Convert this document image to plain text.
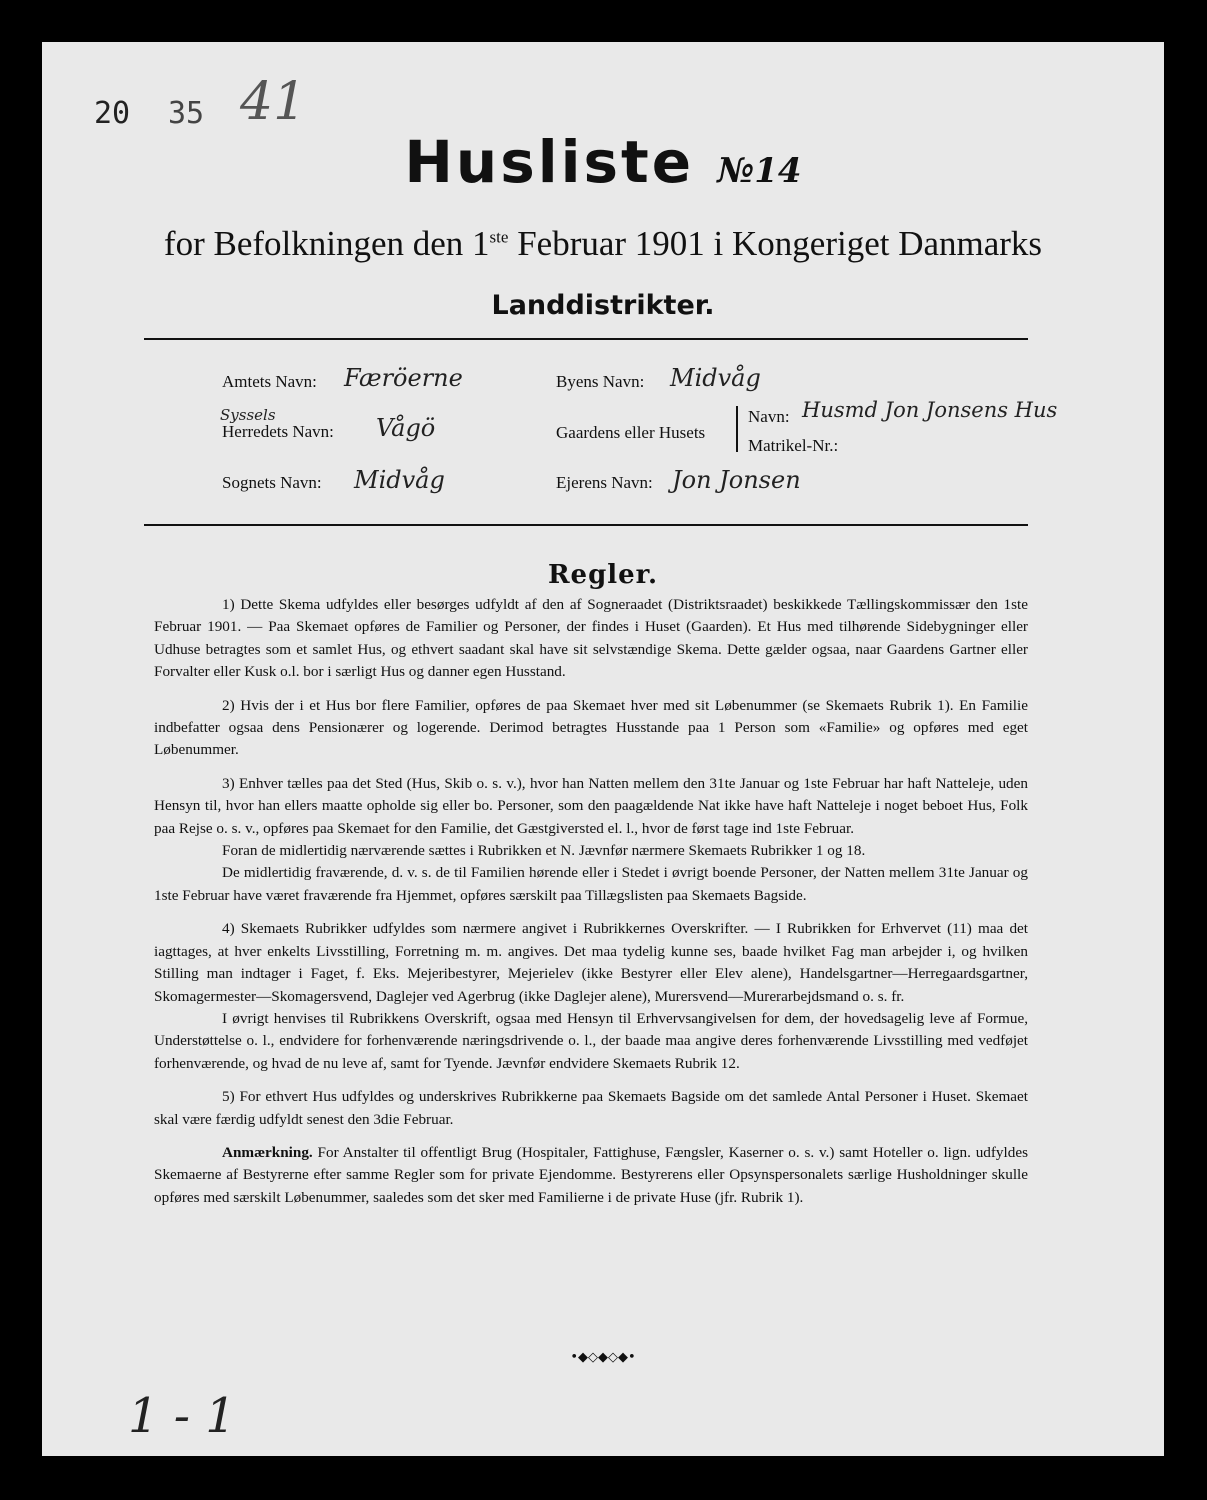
20 35 41
Husliste №14
for Befolkningen den 1ste Februar 1901 i Kongeriget Danmarks
Landdistrikter.
Amtets Navn: Færöerne
Syssels
Herredets Navn: Vågö
Sognets Navn: Midvåg
Byens Navn: Midvåg
Gaardens eller Husets
Navn: Husmd Jon Jonsens Hus
Matrikel-Nr.:
Ejerens Navn: Jon Jonsen
Regler.

1) Dette Skema udfyldes eller besørges udfyldt af den af Sogneraadet (Distriktsraadet) beskikkede Tællingskommissær den 1ste Februar 1901. — Paa Skemaet opføres de Familier og Personer, der findes i Huset (Gaarden). Et Hus med tilhørende Sidebygninger eller Udhuse betragtes som et samlet Hus, og ethvert saadant skal have sit selvstændige Skema. Dette gælder ogsaa, naar Gaardens Gartner eller Forvalter eller Kusk o.l. bor i særligt Hus og danner egen Husstand.

2) Hvis der i et Hus bor flere Familier, opføres de paa Skemaet hver med sit Løbenummer (se Skemaets Rubrik 1). En Familie indbefatter ogsaa dens Pensionærer og logerende. Derimod betragtes Husstande paa 1 Person som «Familie» og opføres med eget Løbenummer.

3) Enhver tælles paa det Sted (Hus, Skib o. s. v.), hvor han Natten mellem den 31te Januar og 1ste Februar har haft Natteleje, uden Hensyn til, hvor han ellers maatte opholde sig eller bo. Personer, som den paagældende Nat ikke have haft Natteleje i noget beboet Hus, Folk paa Rejse o. s. v., opføres paa Skemaet for den Familie, det Gæstgiversted el. l., hvor de først tage ind 1ste Februar.

Foran de midlertidig nærværende sættes i Rubrikken et N. Jævnfør nærmere Skemaets Rubrikker 1 og 18.

De midlertidig fraværende, d. v. s. de til Familien hørende eller i Stedet i øvrigt boende Personer, der Natten mellem 31te Januar og 1ste Februar have været fraværende fra Hjemmet, opføres særskilt paa Tillægslisten paa Skemaets Bagside.

4) Skemaets Rubrikker udfyldes som nærmere angivet i Rubrikkernes Overskrifter. — I Rubrikken for Erhvervet (11) maa det iagttages, at hver enkelts Livsstilling, Forretning m. m. angives. Det maa tydelig kunne ses, baade hvilket Fag man arbejder i, og hvilken Stilling man indtager i Faget, f. Eks. Mejeribestyrer, Mejerielev (ikke Bestyrer eller Elev alene), Handelsgartner—Herregaardsgartner, Skomagermester—Skomagersvend, Daglejer ved Agerbrug (ikke Daglejer alene), Murersvend—Murerarbejdsmand o. s. fr.

I øvrigt henvises til Rubrikkens Overskrift, ogsaa med Hensyn til Erhvervsangivelsen for dem, der hovedsagelig leve af Formue, Understøttelse o. l., endvidere for forhenværende næringsdrivende o. l., der baade maa angive deres forhenværende Livsstilling med vedføjet forhenværende, og hvad de nu leve af, samt for Tyende. Jævnfør endvidere Skemaets Rubrik 12.

5) For ethvert Hus udfyldes og underskrives Rubrikkerne paa Skemaets Bagside om det samlede Antal Personer i Huset. Skemaet skal være færdig udfyldt senest den 3die Februar.

Anmærkning. For Anstalter til offentligt Brug (Hospitaler, Fattighuse, Fængsler, Kaserner o. s. v.) samt Hoteller o. lign. udfyldes Skemaerne af Bestyrerne efter samme Regler som for private Ejendomme. Bestyrerens eller Opsynspersonalets særlige Husholdninger skulle opføres med særskilt Løbenummer, saaledes som det sker med Familierne i de private Huse (jfr. Rubrik 1).

•◆◇◆◇◆•
1 - 1
